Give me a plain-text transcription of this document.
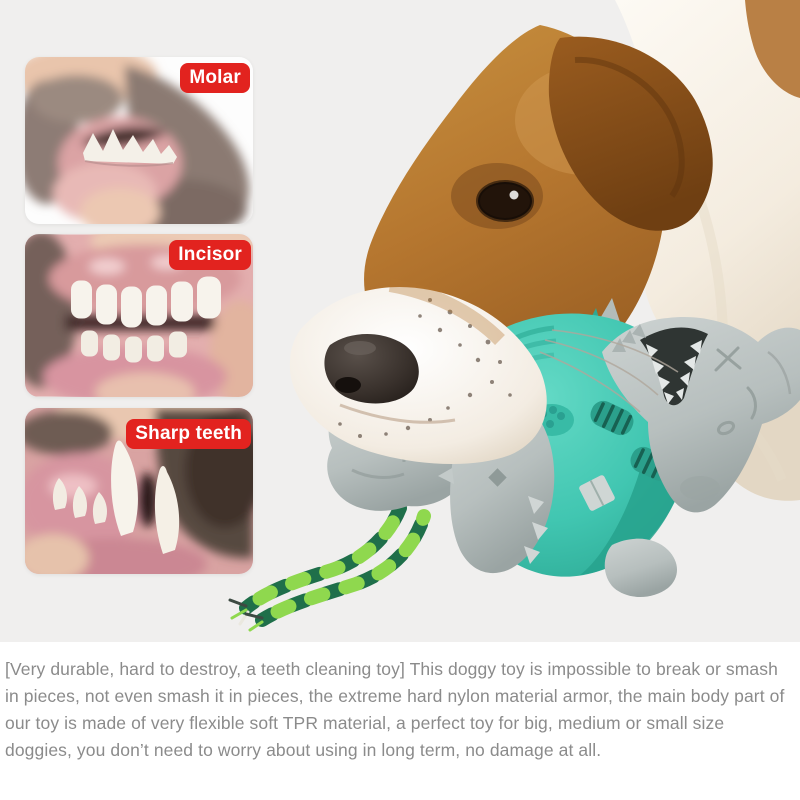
Molar
Incisor
Sharp teeth

[Very durable, hard to destroy, a teeth cleaning toy] This doggy toy is impossible to break or smash in pieces, not even smash it in pieces, the extreme hard nylon material armor, the main body part of our toy is made of very flexible soft TPR material, a perfect toy for big, medium or small size doggies, you don’t need to worry about using in long term, no damage at all.
